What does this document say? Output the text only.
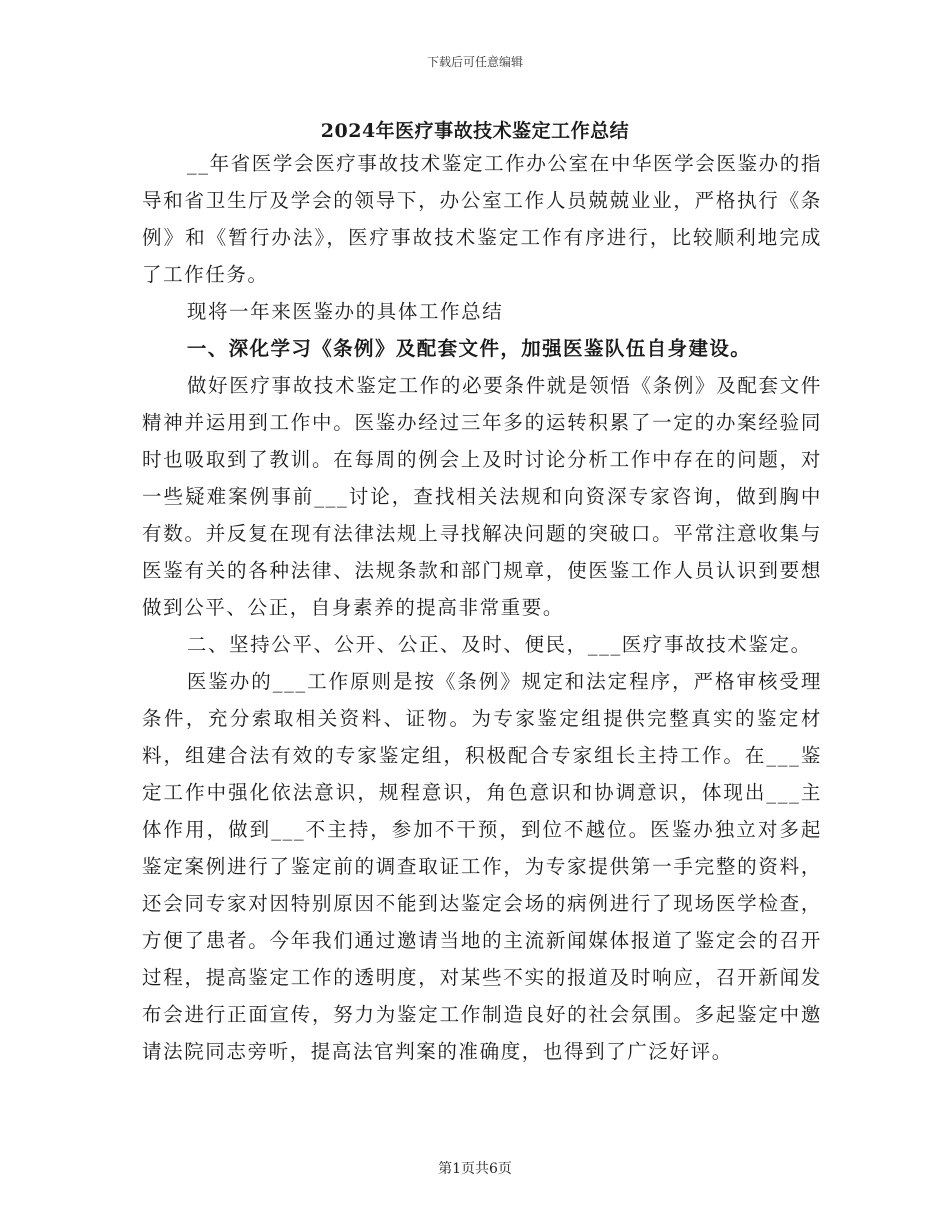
下载后可任意编辑
2024年医疗事故技术鉴定工作总结

__年省医学会医疗事故技术鉴定工作办公室在中华医学会医鉴办的指导和省卫生厅及学会的领导下，办公室工作人员兢兢业业，严格执行《条例》和《暂行办法》，医疗事故技术鉴定工作有序进行，比较顺利地完成了工作任务。

现将一年来医鉴办的具体工作总结

一、深化学习《条例》及配套文件，加强医鉴队伍自身建设。

做好医疗事故技术鉴定工作的必要条件就是领悟《条例》及配套文件精神并运用到工作中。医鉴办经过三年多的运转积累了一定的办案经验同时也吸取到了教训。在每周的例会上及时讨论分析工作中存在的问题，对一些疑难案例事前___讨论，查找相关法规和向资深专家咨询，做到胸中有数。并反复在现有法律法规上寻找解决问题的突破口。平常注意收集与医鉴有关的各种法律、法规条款和部门规章，使医鉴工作人员认识到要想做到公平、公正，自身素养的提高非常重要。

二、坚持公平、公开、公正、及时、便民，___医疗事故技术鉴定。

医鉴办的___工作原则是按《条例》规定和法定程序，严格审核受理条件，充分索取相关资料、证物。为专家鉴定组提供完整真实的鉴定材料，组建合法有效的专家鉴定组，积极配合专家组长主持工作。在___鉴定工作中强化依法意识，规程意识，角色意识和协调意识，体现出___主体作用，做到___不主持，参加不干预，到位不越位。医鉴办独立对多起鉴定案例进行了鉴定前的调查取证工作，为专家提供第一手完整的资料，还会同专家对因特别原因不能到达鉴定会场的病例进行了现场医学检查，方便了患者。今年我们通过邀请当地的主流新闻媒体报道了鉴定会的召开过程，提高鉴定工作的透明度，对某些不实的报道及时响应，召开新闻发布会进行正面宣传，努力为鉴定工作制造良好的社会氛围。多起鉴定中邀请法院同志旁听，提高法官判案的准确度，也得到了广泛好评。

第1页共6页
